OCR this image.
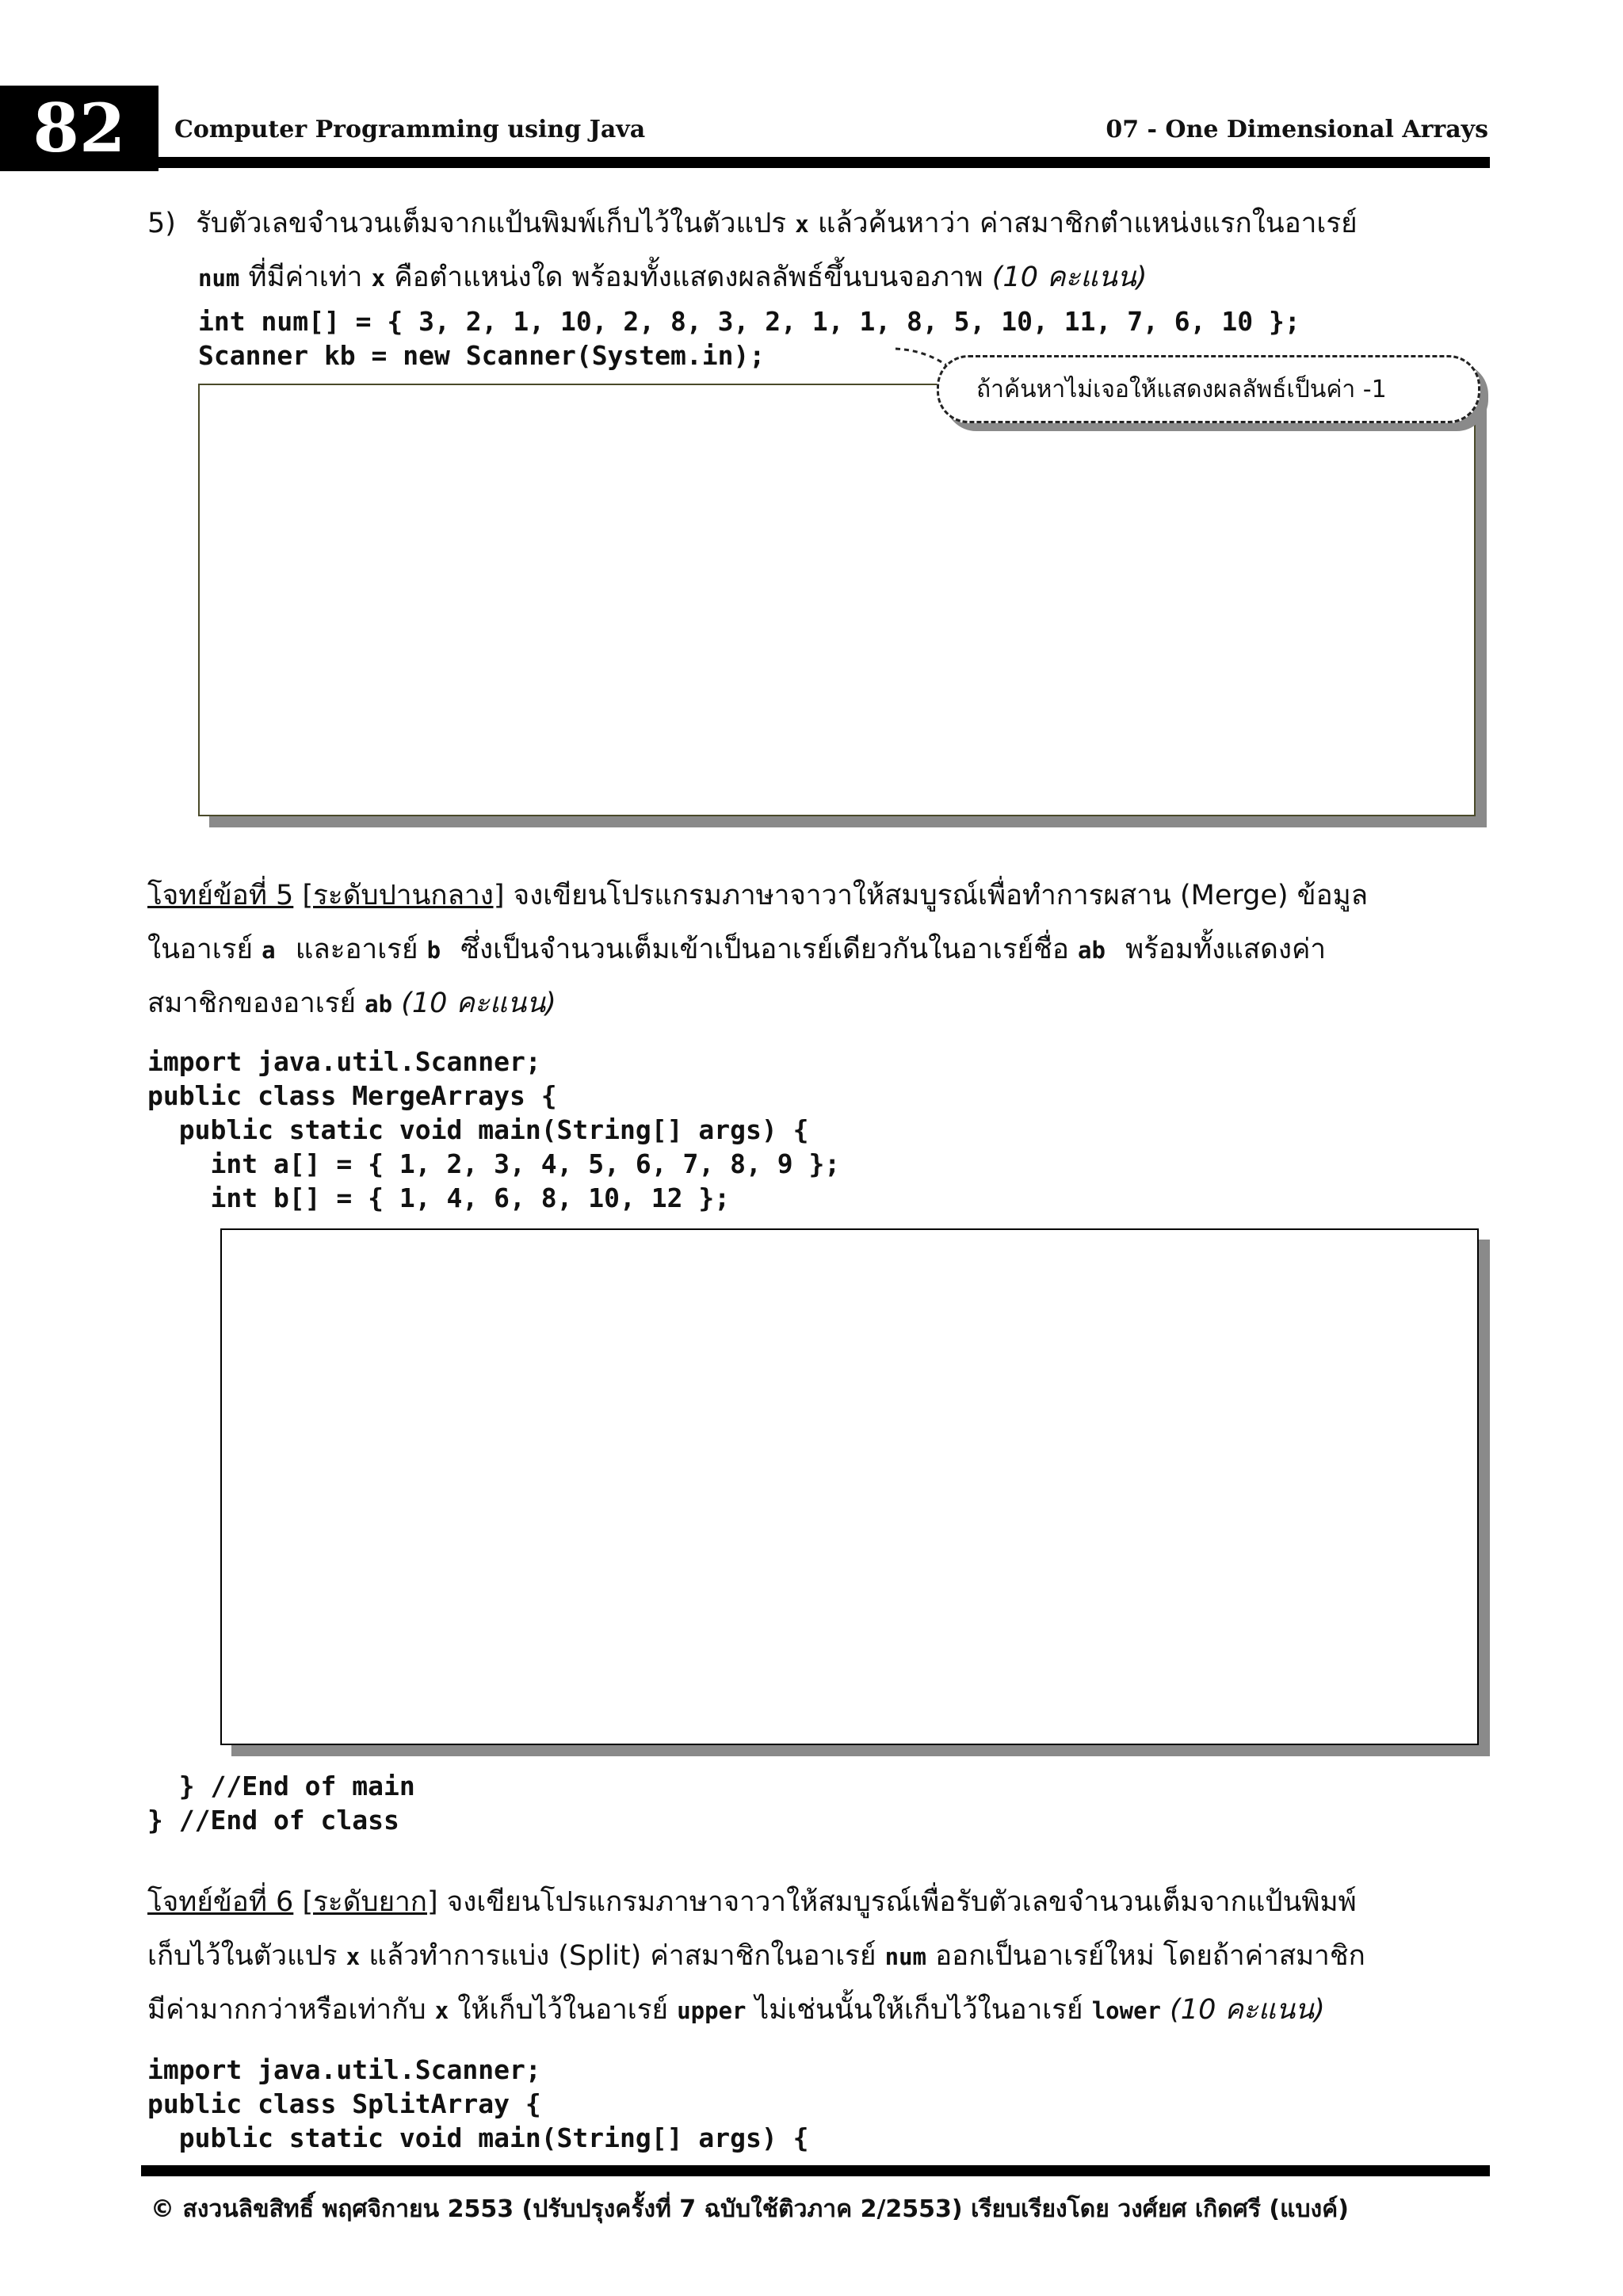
82	Computer Programming using Java	07 - One Dimensional Arrays
5) รับตัวเลขจำนวนเต็มจากแป้นพิมพ์เก็บไว้ในตัวแปร x แล้วค้นหาว่า ค่าสมาชิกตำแหน่งแรกในอาเรย์
num ที่มีค่าเท่า x คือตำแหน่งใด พร้อมทั้งแสดงผลลัพธ์ขึ้นบนจอภาพ (10 คะแนน)
int num[] = { 3, 2, 1, 10, 2, 8, 3, 2, 1, 1, 8, 5, 10, 11, 7, 6, 10 };
Scanner kb = new Scanner(System.in);
ถ้าค้นหาไม่เจอให้แสดงผลลัพธ์เป็นค่า -1
โจทย์ข้อที่ 5 [ระดับปานกลาง] จงเขียนโปรแกรมภาษาจาวาให้สมบูรณ์เพื่อทำการผสาน (Merge) ข้อมูล
ในอาเรย์ a และอาเรย์ b ซึ่งเป็นจำนวนเต็มเข้าเป็นอาเรย์เดียวกันในอาเรย์ชื่อ ab พร้อมทั้งแสดงค่า
สมาชิกของอาเรย์ ab (10 คะแนน)
import java.util.Scanner;
public class MergeArrays {
public static void main(String[] args) {
int a[] = { 1, 2, 3, 4, 5, 6, 7, 8, 9 };
int b[] = { 1, 4, 6, 8, 10, 12 };
} //End of main
} //End of class
โจทย์ข้อที่ 6 [ระดับยาก] จงเขียนโปรแกรมภาษาจาวาให้สมบูรณ์เพื่อรับตัวเลขจำนวนเต็มจากแป้นพิมพ์
เก็บไว้ในตัวแปร x แล้วทำการแบ่ง (Split) ค่าสมาชิกในอาเรย์ num ออกเป็นอาเรย์ใหม่ โดยถ้าค่าสมาชิก
มีค่ามากกว่าหรือเท่ากับ x ให้เก็บไว้ในอาเรย์ upper ไม่เช่นนั้นให้เก็บไว้ในอาเรย์ lower (10 คะแนน)
import java.util.Scanner;
public class SplitArray {
public static void main(String[] args) {
© สงวนลิขสิทธิ์ พฤศจิกายน 2553 (ปรับปรุงครั้งที่ 7 ฉบับใช้ติวภาค 2/2553) เรียบเรียงโดย วงศ์ยศ เกิดศรี (แบงค์)
